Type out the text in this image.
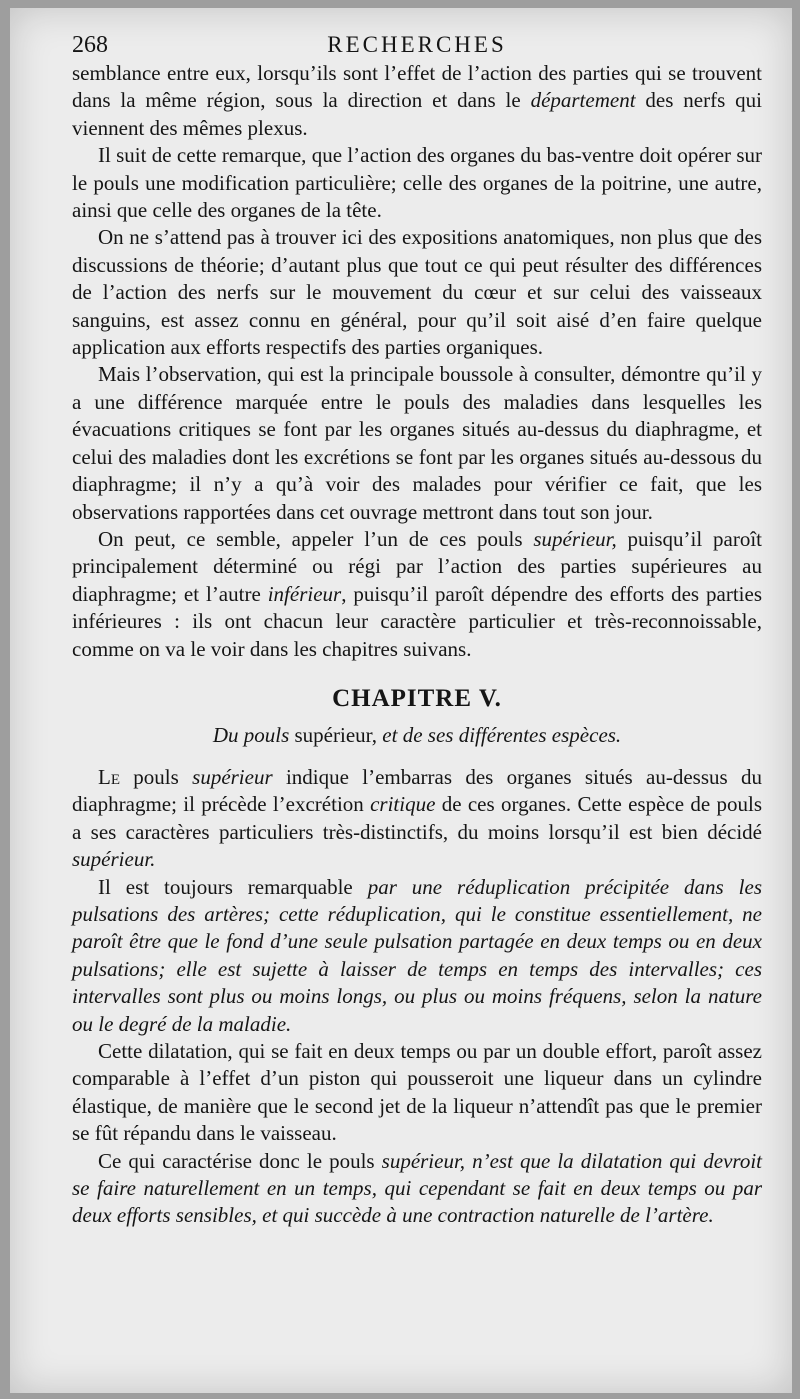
268	RECHERCHES

semblance entre eux, lorsqu’ils sont l’effet de l’action des parties qui se trouvent dans la même région, sous la direction et dans le département des nerfs qui viennent des mêmes plexus.

Il suit de cette remarque, que l’action des organes du bas-ventre doit opérer sur le pouls une modification particulière; celle des organes de la poitrine, une autre, ainsi que celle des organes de la tête.

On ne s’attend pas à trouver ici des expositions anatomiques, non plus que des discussions de théorie; d’autant plus que tout ce qui peut résulter des différences de l’action des nerfs sur le mouvement du cœur et sur celui des vaisseaux sanguins, est assez connu en général, pour qu’il soit aisé d’en faire quelque application aux efforts respectifs des parties organiques.

Mais l’observation, qui est la principale boussole à consulter, démontre qu’il y a une différence marquée entre le pouls des maladies dans lesquelles les évacuations critiques se font par les organes situés au-dessus du diaphragme, et celui des maladies dont les excrétions se font par les organes situés au-dessous du diaphragme; il n’y a qu’à voir des malades pour vérifier ce fait, que les observations rapportées dans cet ouvrage mettront dans tout son jour.

On peut, ce semble, appeler l’un de ces pouls supérieur, puisqu’il paroît principalement déterminé ou régi par l’action des parties supérieures au diaphragme; et l’autre inférieur, puisqu’il paroît dépendre des efforts des parties inférieures : ils ont chacun leur caractère particulier et très-reconnoissable, comme on va le voir dans les chapitres suivans.

CHAPITRE V.
Du pouls supérieur, et de ses différentes espèces.

Le pouls supérieur indique l’embarras des organes situés au-dessus du diaphragme; il précède l’excrétion critique de ces organes. Cette espèce de pouls a ses caractères particuliers très-distinctifs, du moins lorsqu’il est bien décidé supérieur.

Il est toujours remarquable par une réduplication précipitée dans les pulsations des artères; cette réduplication, qui le constitue essentiellement, ne paroît être que le fond d’une seule pulsation partagée en deux temps ou en deux pulsations; elle est sujette à laisser de temps en temps des intervalles; ces intervalles sont plus ou moins longs, ou plus ou moins fréquens, selon la nature ou le degré de la maladie.

Cette dilatation, qui se fait en deux temps ou par un double effort, paroît assez comparable à l’effet d’un piston qui pousseroit une liqueur dans un cylindre élastique, de manière que le second jet de la liqueur n’attendît pas que le premier se fût répandu dans le vaisseau.

Ce qui caractérise donc le pouls supérieur, n’est que la dilatation qui devroit se faire naturellement en un temps, qui cependant se fait en deux temps ou par deux efforts sensibles, et qui succède à une contraction naturelle de l’artère.
